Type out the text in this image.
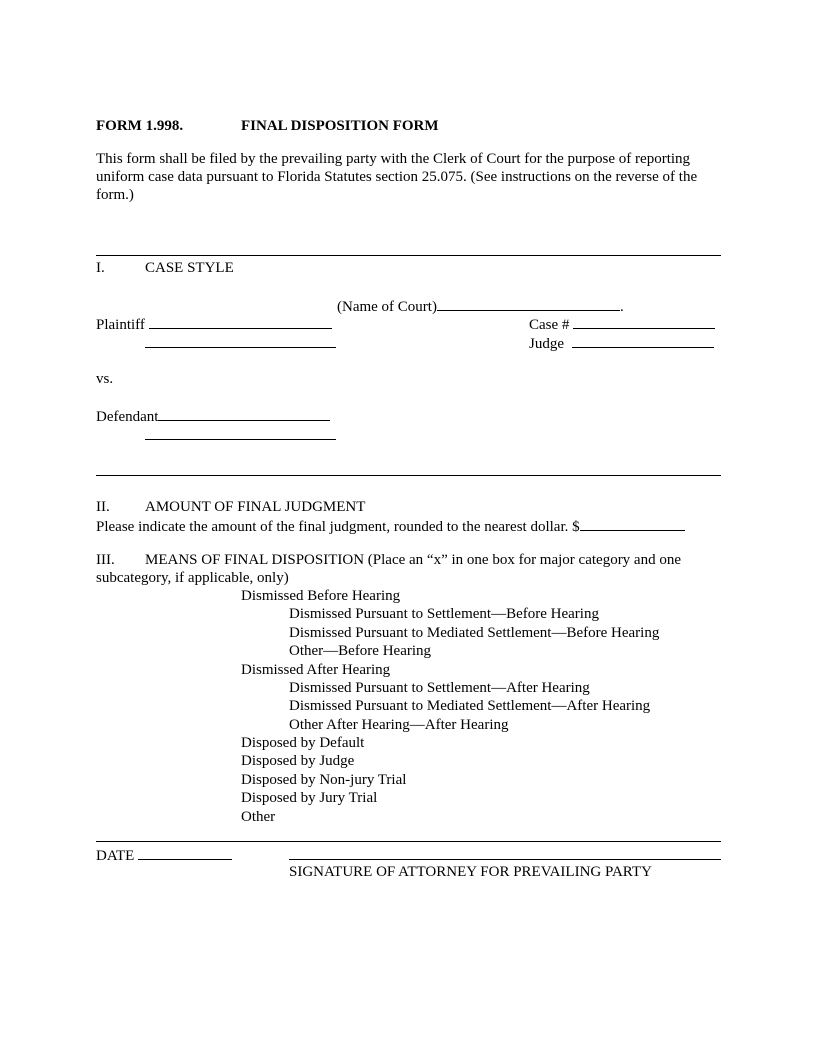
FORM 1.998.	FINAL DISPOSITION FORM
This form shall be filed by the prevailing party with the Clerk of Court for the purpose of reporting uniform case data pursuant to Florida Statutes section 25.075. (See instructions on the reverse of the form.)
I.	CASE STYLE
(Name of Court)	.
Plaintiff	Case #
Judge
vs.
Defendant
II. AMOUNT OF FINAL JUDGMENT
Please indicate the amount of the final judgment, rounded to the nearest dollar. $
III. MEANS OF FINAL DISPOSITION (Place an “x” in one box for major category and one
subcategory, if applicable, only)
Dismissed Before Hearing
Dismissed Pursuant to Settlement—Before Hearing
Dismissed Pursuant to Mediated Settlement—Before Hearing
Other—Before Hearing
Dismissed After Hearing
Dismissed Pursuant to Settlement—After Hearing
Dismissed Pursuant to Mediated Settlement—After Hearing
Other After Hearing—After Hearing
Disposed by Default
Disposed by Judge
Disposed by Non-jury Trial
Disposed by Jury Trial
Other
DATE
SIGNATURE OF ATTORNEY FOR PREVAILING PARTY
